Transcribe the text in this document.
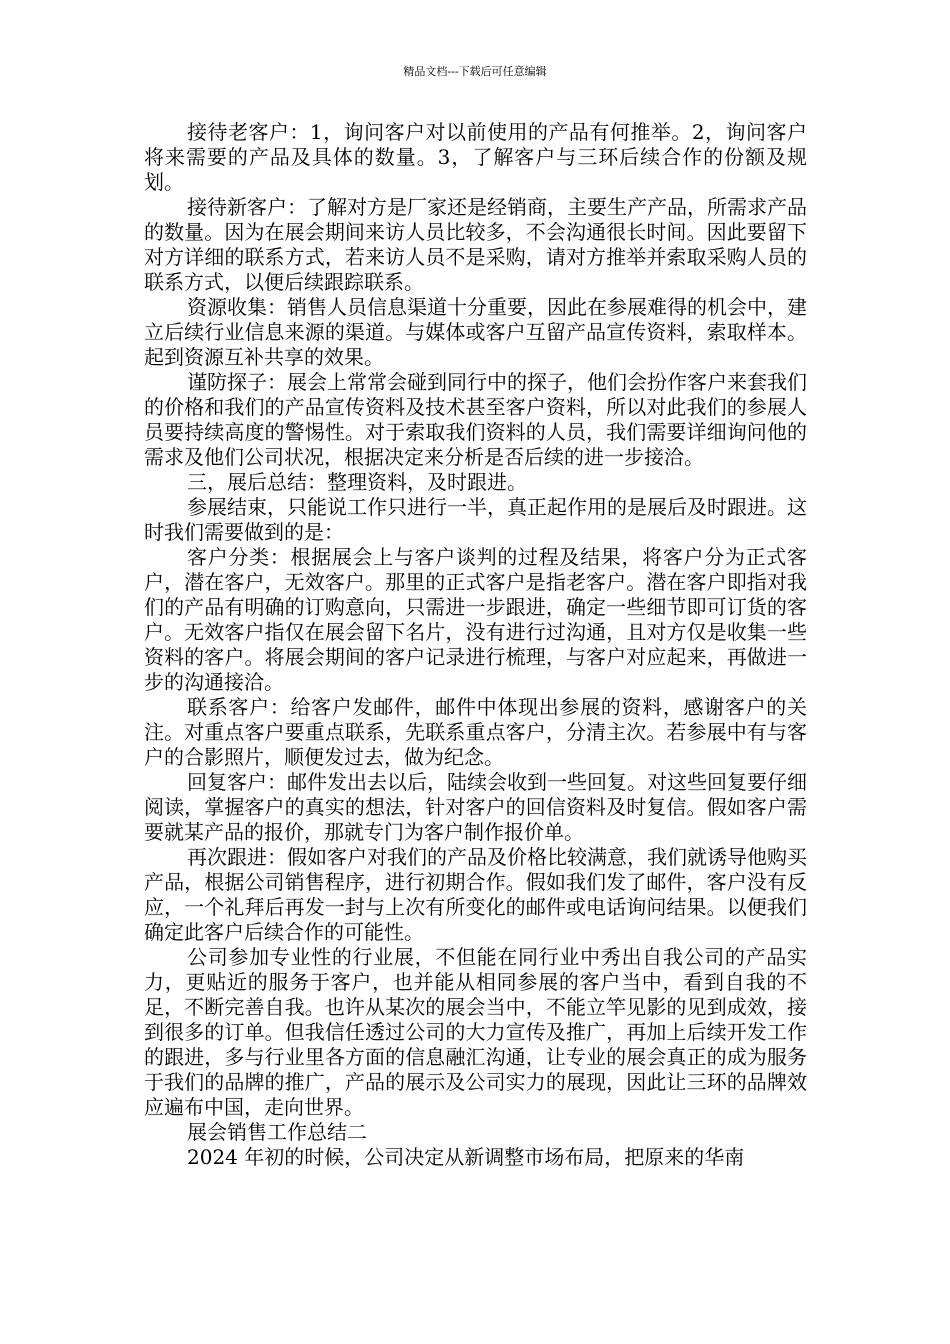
精品文档---下载后可任意编辑

接待老客户：1，询问客户对以前使用的产品有何推举。2，询问客户将来需要的产品及具体的数量。3，了解客户与三环后续合作的份额及规划。

接待新客户：了解对方是厂家还是经销商，主要生产产品，所需求产品的数量。因为在展会期间来访人员比较多，不会沟通很长时间。因此要留下对方详细的联系方式，若来访人员不是采购，请对方推举并索取采购人员的联系方式，以便后续跟踪联系。

资源收集：销售人员信息渠道十分重要，因此在参展难得的机会中，建立后续行业信息来源的渠道。与媒体或客户互留产品宣传资料，索取样本。起到资源互补共享的效果。

谨防探子：展会上常常会碰到同行中的探子，他们会扮作客户来套我们的价格和我们的产品宣传资料及技术甚至客户资料，所以对此我们的参展人员要持续高度的警惕性。对于索取我们资料的人员，我们需要详细询问他的需求及他们公司状况，根据决定来分析是否后续的进一步接洽。

三，展后总结：整理资料，及时跟进。

参展结束，只能说工作只进行一半，真正起作用的是展后及时跟进。这时我们需要做到的是：

客户分类：根据展会上与客户谈判的过程及结果，将客户分为正式客户，潜在客户，无效客户。那里的正式客户是指老客户。潜在客户即指对我们的产品有明确的订购意向，只需进一步跟进，确定一些细节即可订货的客户。无效客户指仅在展会留下名片，没有进行过沟通，且对方仅是收集一些资料的客户。将展会期间的客户记录进行梳理，与客户对应起来，再做进一步的沟通接洽。

联系客户：给客户发邮件，邮件中体现出参展的资料，感谢客户的关注。对重点客户要重点联系，先联系重点客户，分清主次。若参展中有与客户的合影照片，顺便发过去，做为纪念。

回复客户：邮件发出去以后，陆续会收到一些回复。对这些回复要仔细阅读，掌握客户的真实的想法，针对客户的回信资料及时复信。假如客户需要就某产品的报价，那就专门为客户制作报价单。

再次跟进：假如客户对我们的产品及价格比较满意，我们就诱导他购买产品，根据公司销售程序，进行初期合作。假如我们发了邮件，客户没有反应，一个礼拜后再发一封与上次有所变化的邮件或电话询问结果。以便我们确定此客户后续合作的可能性。

公司参加专业性的行业展，不但能在同行业中秀出自我公司的产品实力，更贴近的服务于客户，也并能从相同参展的客户当中，看到自我的不足，不断完善自我。也许从某次的展会当中，不能立竿见影的见到成效，接到很多的订单。但我信任透过公司的大力宣传及推广，再加上后续开发工作的跟进，多与行业里各方面的信息融汇沟通，让专业的展会真正的成为服务于我们的品牌的推广，产品的展示及公司实力的展现，因此让三环的品牌效应遍布中国，走向世界。

展会销售工作总结二

2024 年初的时候，公司决定从新调整市场布局，把原来的华南
